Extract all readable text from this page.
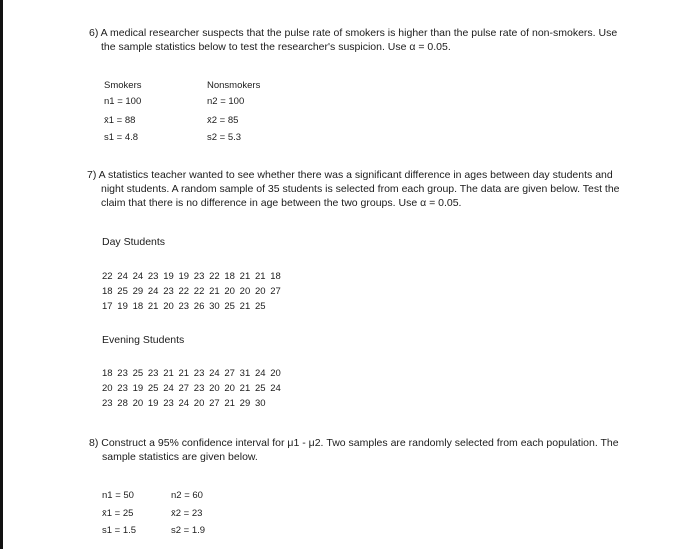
6) A medical researcher suspects that the pulse rate of smokers is higher than the pulse rate of non-smokers. Use
the sample statistics below to test the researcher's suspicion. Use α = 0.05.
Smokers
n1 = 100
x̄1 = 88
s1 = 4.8
Nonsmokers
n2 = 100
x̄2 = 85
s2 = 5.3
7) A statistics teacher wanted to see whether there was a significant difference in ages between day students and
night students. A random sample of 35 students is selected from each group. The data are given below. Test the
claim that there is no difference in age between the two groups. Use α = 0.05.
Day Students
22 24 24 23 19 19 23 22 18 21 21 18
18 25 29 24 23 22 22 21 20 20 20 27
17 19 18 21 20 23 26 30 25 21 25
Evening Students
18 23 25 23 21 21 23 24 27 31 24 20
20 23 19 25 24 27 23 20 20 21 25 24
23 28 20 19 23 24 20 27 21 29 30
8) Construct a 95% confidence interval for μ1 - μ2. Two samples are randomly selected from each population. The
sample statistics are given below.
n1 = 50
x̄1 = 25
s1 = 1.5
n2 = 60
x̄2 = 23
s2 = 1.9
